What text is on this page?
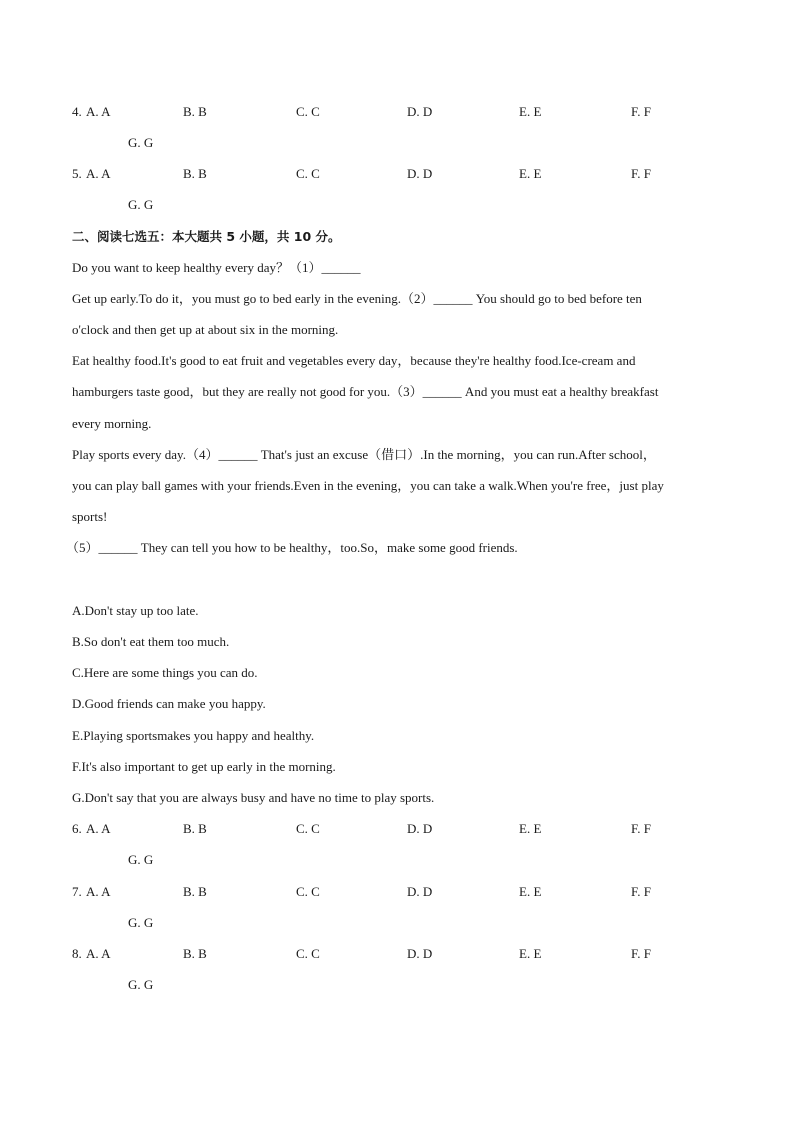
4. A. A	B. B	C. C	D. D	E. E	F. F
G. G
5. A. A	B. B	C. C	D. D	E. E	F. F
G. G
二、阅读七选五：本大题共 5 小题，共 10 分。
Do you want to keep healthy every day？（1）______
Get up early.To do it，you must go to bed early in the evening.（2）______ You should go to bed before ten
o'clock and then get up at about six in the morning.
Eat healthy food.It's good to eat fruit and vegetables every day，because they're healthy food.Ice-cream and
hamburgers taste good，but they are really not good for you.（3）______ And you must eat a healthy breakfast
every morning.
Play sports every day.（4）______ That's just an excuse（借口）.In the morning，you can run.After school，
you can play ball games with your friends.Even in the evening，you can take a walk.When you're free，just play
sports!
（5）______ They can tell you how to be healthy，too.So，make some good friends.
A.Don't stay up too late.
B.So don't eat them too much.
C.Here are some things you can do.
D.Good friends can make you happy.
E.Playing sportsmakes you happy and healthy.
F.It's also important to get up early in the morning.
G.Don't say that you are always busy and have no time to play sports.
6. A. A	B. B	C. C	D. D	E. E	F. F
G. G
7. A. A	B. B	C. C	D. D	E. E	F. F
G. G
8. A. A	B. B	C. C	D. D	E. E	F. F
G. G
